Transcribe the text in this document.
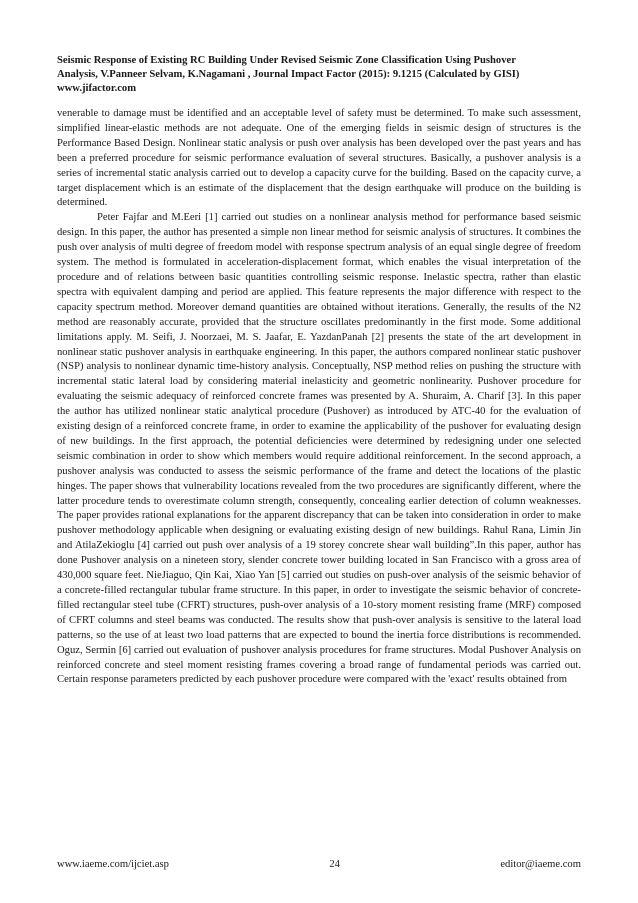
Seismic Response of Existing RC Building Under Revised Seismic Zone Classification Using Pushover
Analysis, V.Panneer Selvam, K.Nagamani , Journal Impact Factor (2015): 9.1215 (Calculated by GISI)
www.jifactor.com

venerable to damage must be identified and an acceptable level of safety must be determined. To make such assessment, simplified linear-elastic methods are not adequate. One of the emerging fields in seismic design of structures is the Performance Based Design. Nonlinear static analysis or push over analysis has been developed over the past years and has been a preferred procedure for seismic performance evaluation of several structures. Basically, a pushover analysis is a series of incremental static analysis carried out to develop a capacity curve for the building. Based on the capacity curve, a target displacement which is an estimate of the displacement that the design earthquake will produce on the building is determined.

Peter Fajfar and M.Eeri [1] carried out studies on a nonlinear analysis method for performance based seismic design. In this paper, the author has presented a simple non linear method for seismic analysis of structures. It combines the push over analysis of multi degree of freedom model with response spectrum analysis of an equal single degree of freedom system. The method is formulated in acceleration-displacement format, which enables the visual interpretation of the procedure and of relations between basic quantities controlling seismic response. Inelastic spectra, rather than elastic spectra with equivalent damping and period are applied. This feature represents the major difference with respect to the capacity spectrum method. Moreover demand quantities are obtained without iterations. Generally, the results of the N2 method are reasonably accurate, provided that the structure oscillates predominantly in the first mode. Some additional limitations apply. M. Seifi, J. Noorzaei, M. S. Jaafar, E. YazdanPanah [2] presents the state of the art development in nonlinear static pushover analysis in earthquake engineering. In this paper, the authors compared nonlinear static pushover (NSP) analysis to nonlinear dynamic time-history analysis. Conceptually, NSP method relies on pushing the structure with incremental static lateral load by considering material inelasticity and geometric nonlinearity. Pushover procedure for evaluating the seismic adequacy of reinforced concrete frames was presented by A. Shuraim, A. Charif [3]. In this paper the author has utilized nonlinear static analytical procedure (Pushover) as introduced by ATC-40 for the evaluation of existing design of a reinforced concrete frame, in order to examine the applicability of the pushover for evaluating design of new buildings. In the first approach, the potential deficiencies were determined by redesigning under one selected seismic combination in order to show which members would require additional reinforcement. In the second approach, a pushover analysis was conducted to assess the seismic performance of the frame and detect the locations of the plastic hinges. The paper shows that vulnerability locations revealed from the two procedures are significantly different, where the latter procedure tends to overestimate column strength, consequently, concealing earlier detection of column weaknesses. The paper provides rational explanations for the apparent discrepancy that can be taken into consideration in order to make pushover methodology applicable when designing or evaluating existing design of new buildings. Rahul Rana, Limin Jin and AtilaZekioglu [4] carried out push over analysis of a 19 storey concrete shear wall building”.In this paper, author has done Pushover analysis on a nineteen story, slender concrete tower building located in San Francisco with a gross area of 430,000 square feet. NieJiaguo, Qin Kai, Xiao Yan [5] carried out studies on push-over analysis of the seismic behavior of a concrete-filled rectangular tubular frame structure. In this paper, in order to investigate the seismic behavior of concrete-filled rectangular steel tube (CFRT) structures, push-over analysis of a 10-story moment resisting frame (MRF) composed of CFRT columns and steel beams was conducted. The results show that push-over analysis is sensitive to the lateral load patterns, so the use of at least two load patterns that are expected to bound the inertia force distributions is recommended. Oguz, Sermin [6] carried out evaluation of pushover analysis procedures for frame structures. Modal Pushover Analysis on reinforced concrete and steel moment resisting frames covering a broad range of fundamental periods was carried out. Certain response parameters predicted by each pushover procedure were compared with the 'exact' results obtained from

www.iaeme.com/ijciet.asp	24	editor@iaeme.com
